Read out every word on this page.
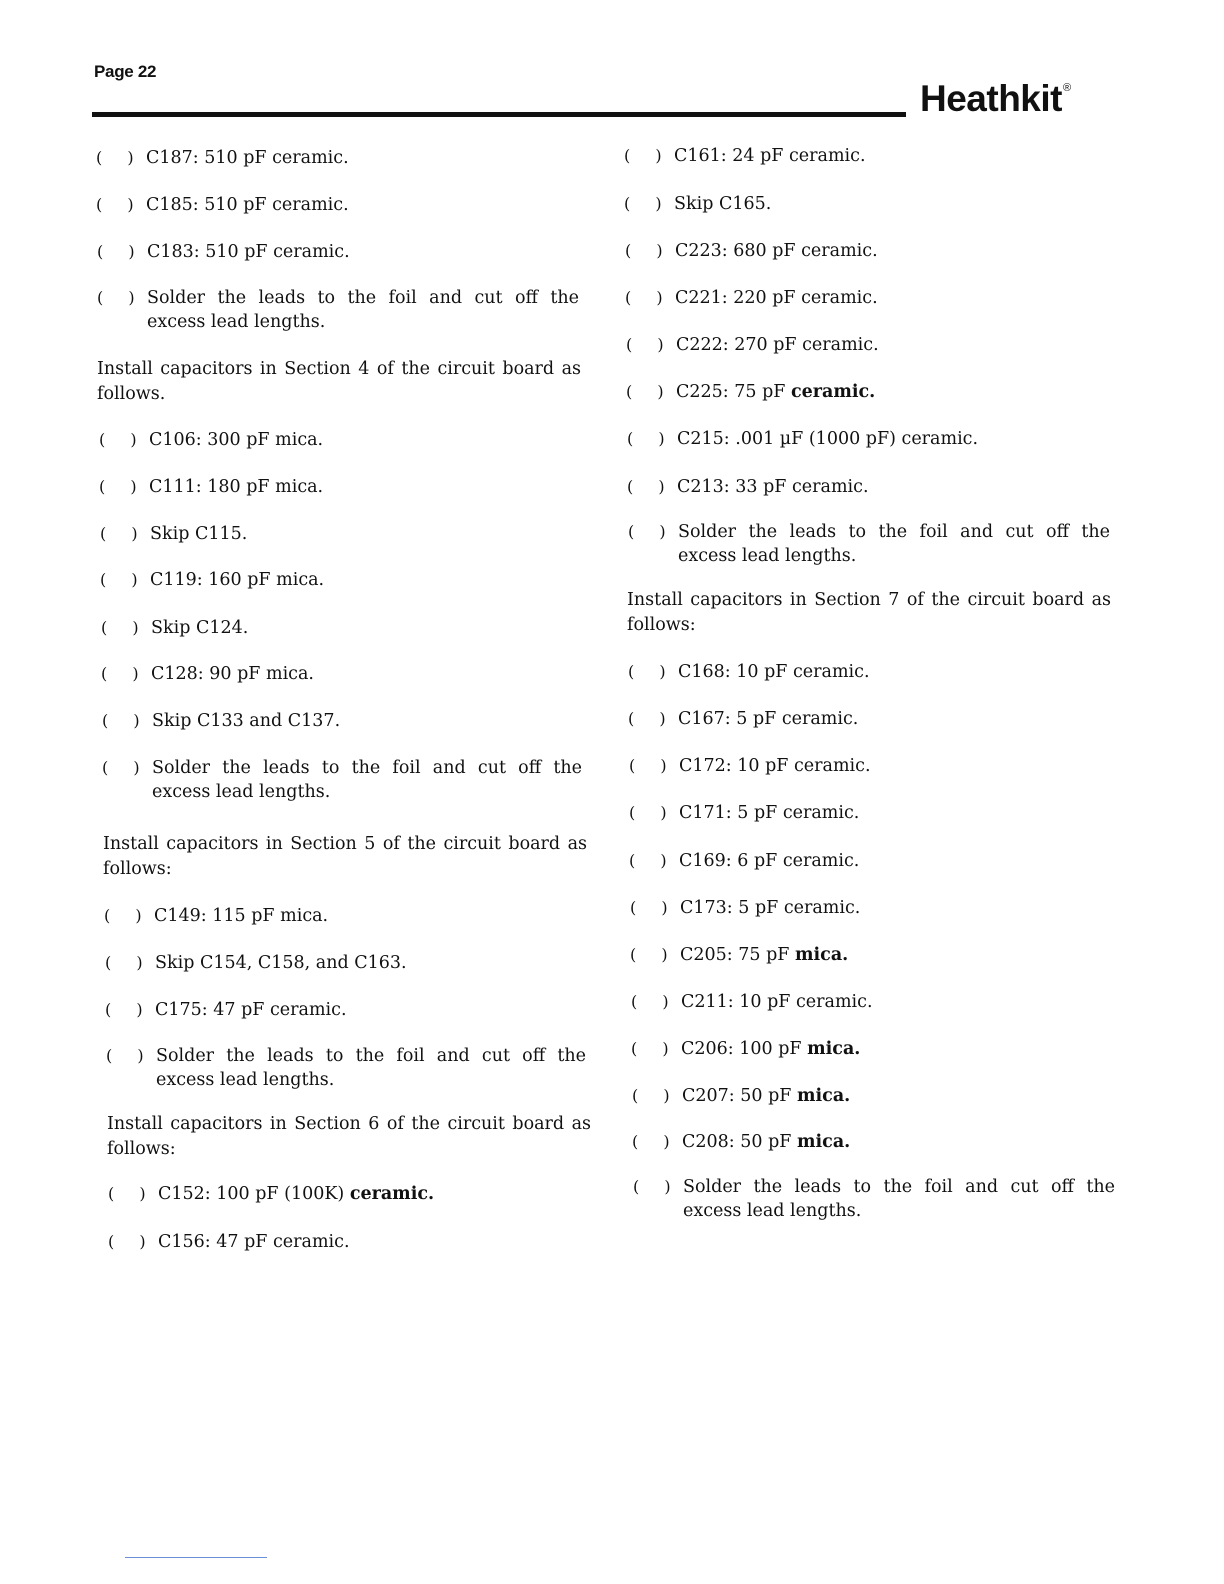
Page 22
Heathkit®
( ) C187: 510 pF ceramic.
( ) C185: 510 pF ceramic.
( ) C183: 510 pF ceramic.
( ) Solder the leads to the foil and cut off the excess lead lengths.
Install capacitors in Section 4 of the circuit board as follows.
( ) C106: 300 pF mica.
( ) C111: 180 pF mica.
( ) Skip C115.
( ) C119: 160 pF mica.
( ) Skip C124.
( ) C128: 90 pF mica.
( ) Skip C133 and C137.
( ) Solder the leads to the foil and cut off the excess lead lengths.
Install capacitors in Section 5 of the circuit board as follows:
( ) C149: 115 pF mica.
( ) Skip C154, C158, and C163.
( ) C175: 47 pF ceramic.
( ) Solder the leads to the foil and cut off the excess lead lengths.
Install capacitors in Section 6 of the circuit board as follows:
( ) C152: 100 pF (100K) ceramic.
( ) C156: 47 pF ceramic.
( ) C161: 24 pF ceramic.
( ) Skip C165.
( ) C223: 680 pF ceramic.
( ) C221: 220 pF ceramic.
( ) C222: 270 pF ceramic.
( ) C225: 75 pF ceramic.
( ) C215: .001 µF (1000 pF) ceramic.
( ) C213: 33 pF ceramic.
( ) Solder the leads to the foil and cut off the excess lead lengths.
Install capacitors in Section 7 of the circuit board as follows:
( ) C168: 10 pF ceramic.
( ) C167: 5 pF ceramic.
( ) C172: 10 pF ceramic.
( ) C171: 5 pF ceramic.
( ) C169: 6 pF ceramic.
( ) C173: 5 pF ceramic.
( ) C205: 75 pF mica.
( ) C211: 10 pF ceramic.
( ) C206: 100 pF mica.
( ) C207: 50 pF mica.
( ) C208: 50 pF mica.
( ) Solder the leads to the foil and cut off the excess lead lengths.
